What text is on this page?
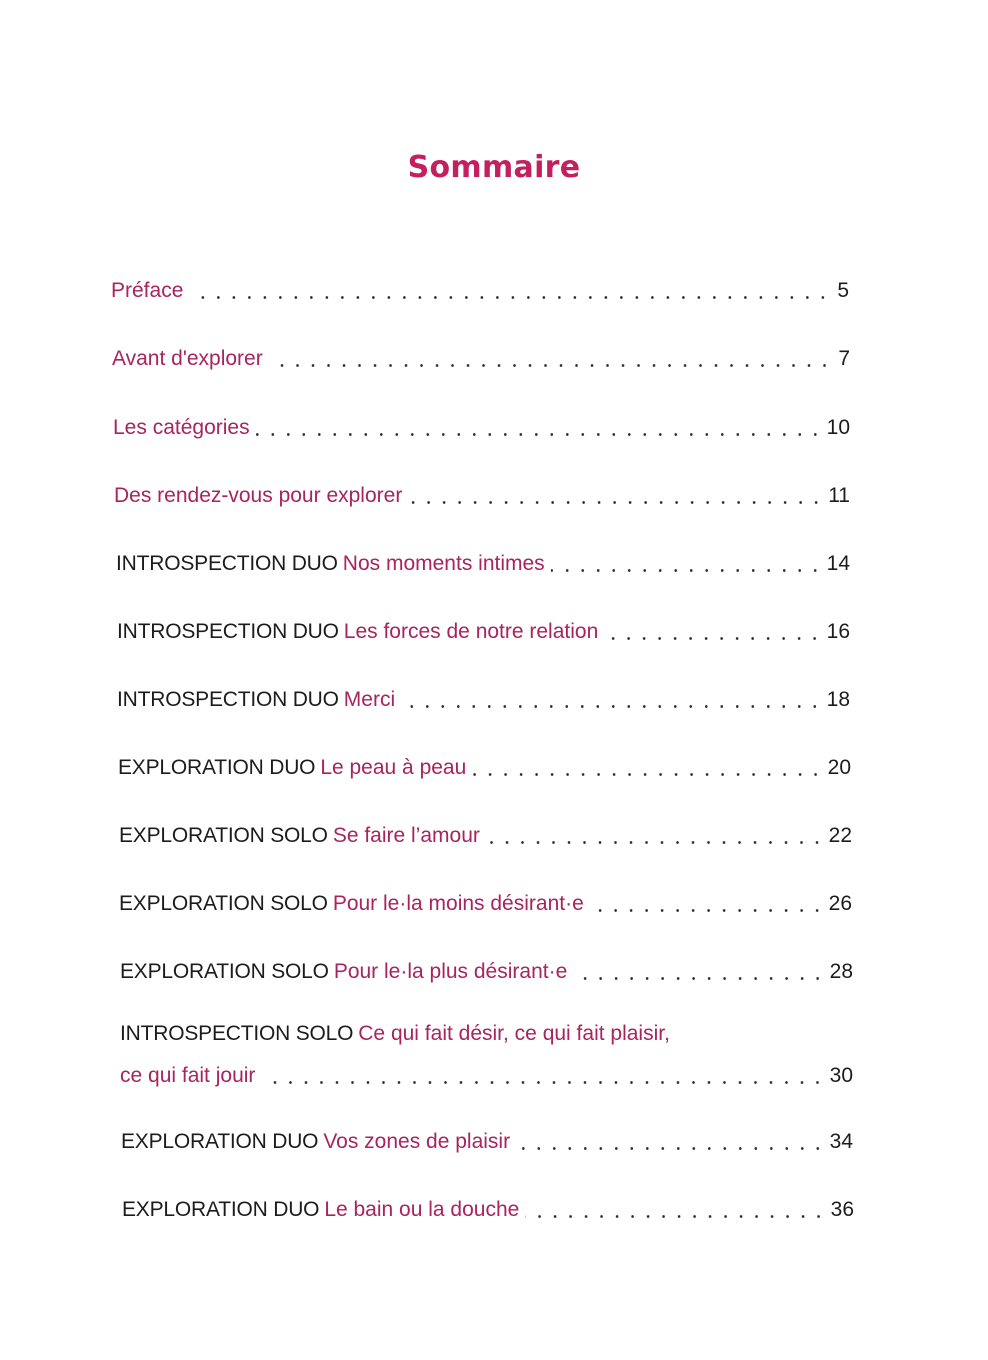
Sommaire
Préface	5
Avant d'explorer	7
Les catégories	10
Des rendez-vous pour explorer	11
INTROSPECTION DUO Nos moments intimes	14
INTROSPECTION DUO Les forces de notre relation	16
INTROSPECTION DUO Merci	18
EXPLORATION DUO Le peau à peau	20
EXPLORATION SOLO Se faire l’amour	22
EXPLORATION SOLO Pour le·la moins désirant·e	26
EXPLORATION SOLO Pour le·la plus désirant·e	28
INTROSPECTION SOLO Ce qui fait désir, ce qui fait plaisir,
ce qui fait jouir	30
EXPLORATION DUO Vos zones de plaisir	34
EXPLORATION DUO Le bain ou la douche	36
